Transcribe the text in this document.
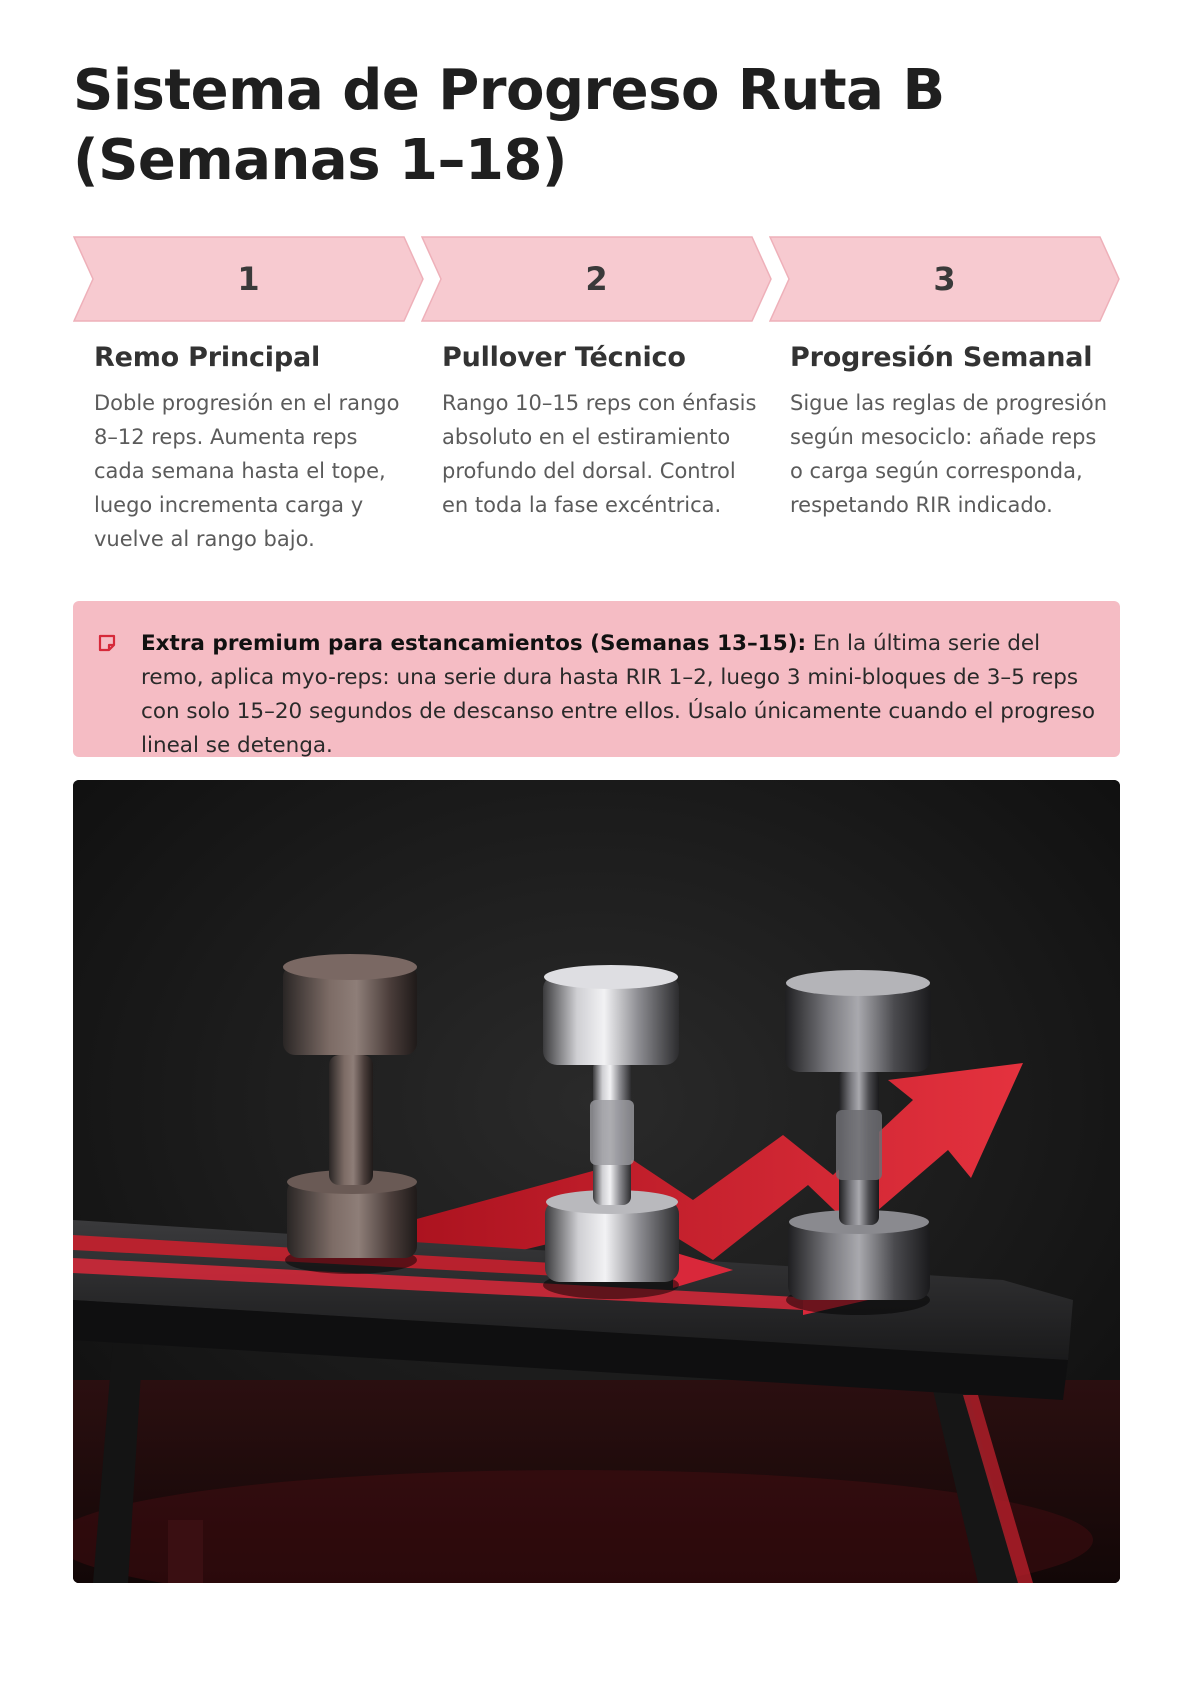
Sistema de Progreso Ruta B (Semanas 1–18)
1	2	3
Remo Principal

Doble progresión en el rango 8–12 reps. Aumenta reps cada semana hasta el tope, luego incrementa carga y vuelve al rango bajo.

Pullover Técnico

Rango 10–15 reps con énfasis absoluto en el estiramiento profundo del dorsal. Control en toda la fase excéntrica.

Progresión Semanal

Sigue las reglas de progresión según mesociclo: añade reps o carga según corresponda, respetando RIR indicado.

Extra premium para estancamientos (Semanas 13–15): En la última serie del remo, aplica myo-reps: una serie dura hasta RIR 1–2, luego 3 mini-bloques de 3–5 reps con solo 15–20 segundos de descanso entre ellos. Úsalo únicamente cuando el progreso lineal se detenga.
